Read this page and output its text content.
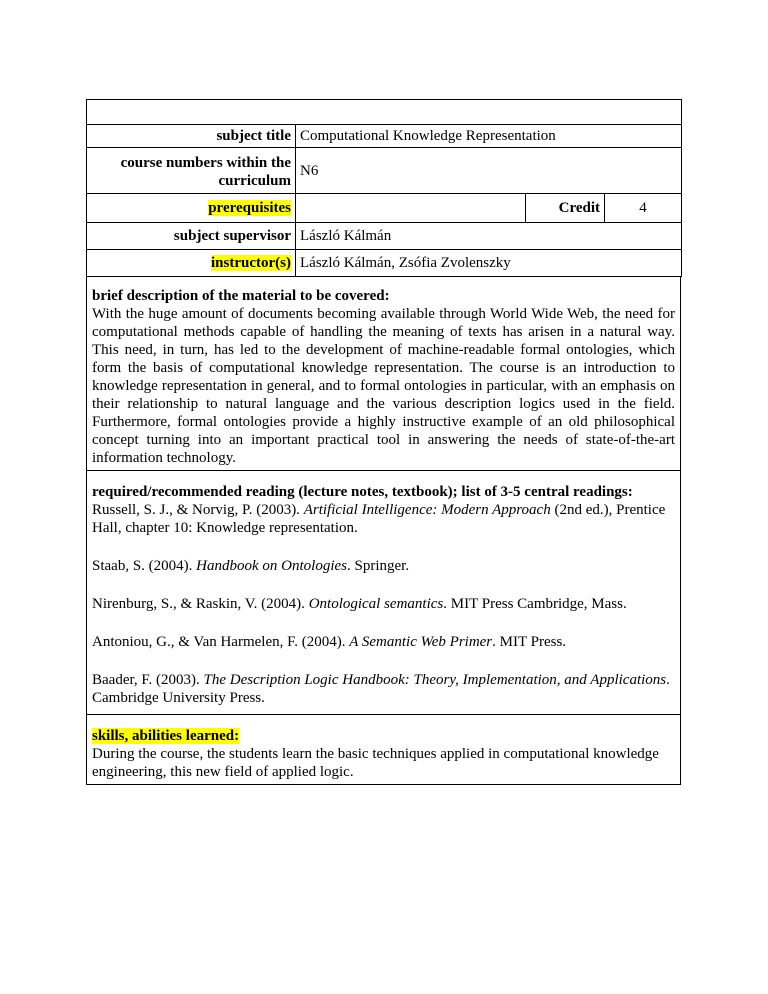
subject title	Computational Knowledge Representation		
course numbers within the
curriculum	N6		
prerequisites		Credit	4
subject supervisor	László Kálmán		
instructor(s)	László Kálmán, Zsófia Zvolenszky		
brief description of the material to be covered:

With the huge amount of documents becoming available through World Wide Web, the need for computational methods capable of handling the meaning of texts has arisen in a natural way. This need, in turn, has led to the development of machine-readable formal ontologies, which form the basis of computational knowledge representation. The course is an introduction to knowledge representation in general, and to formal ontologies in particular, with an emphasis on their relationship to natural language and the various description logics used in the field. Furthermore, formal ontologies provide a highly instructive example of an old philosophical concept turning into an important practical tool in answering the needs of state-of-the-art information technology.

required/recommended reading (lecture notes, textbook); list of 3-5 central readings:

Russell, S. J., & Norvig, P. (2003). Artificial Intelligence: Modern Approach (2nd ed.), Prentice Hall, chapter 10: Knowledge representation.

Staab, S. (2004). Handbook on Ontologies. Springer.

Nirenburg, S., & Raskin, V. (2004). Ontological semantics. MIT Press Cambridge, Mass.

Antoniou, G., & Van Harmelen, F. (2004). A Semantic Web Primer. MIT Press.

Baader, F. (2003). The Description Logic Handbook: Theory, Implementation, and Applications. Cambridge University Press.

skills, abilities learned:

During the course, the students learn the basic techniques applied in computational knowledge engineering, this new field of applied logic.
